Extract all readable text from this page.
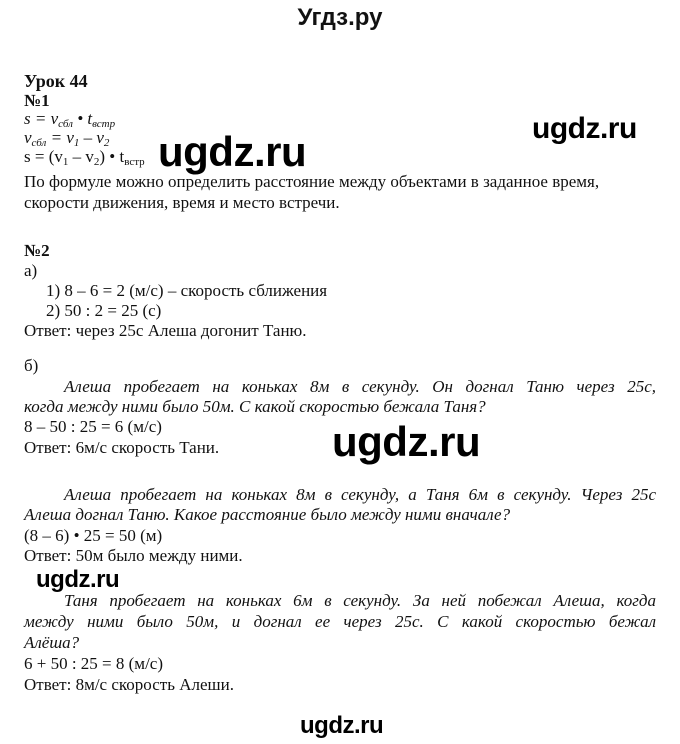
Угдз.ру
Урок 44
№1
$s = v_{сбл}$ • $t_{встр}$
$v_{сбл} = v_1 - v_2$
$s = (v_1 - v_2)$ • $t_{встр}$
По формуле можно определить расстояние между объектами в заданное время,
скорости движения, время и место встречи.
№2
а)
1) 8 – 6 = 2 (м/с) – скорость сближения
2) 50 : 2 = 25 (с)
Ответ: через 25с Алеша догонит Таню.
б)
Алеша пробегает на коньках 8м в секунду. Он догнал Таню через 25с,
когда между ними было 50м. С какой скоростью бежала Таня?
8 – 50 : 25 = 6 (м/с)
Ответ: 6м/с скорость Тани.
Алеша пробегает на коньках 8м в секунду, а Таня 6м в секунду. Через 25с
Алеша догнал Таню. Какое расстояние было между ними вначале?
(8 – 6) • 25 = 50 (м)
Ответ: 50м было между ними.
Таня пробегает на коньках 6м в секунду. За ней побежал Алеша, когда
между ними было 50м, и догнал ее через 25с. С какой скоростью бежал
Алёша?
6 + 50 : 25 = 8 (м/с)
Ответ: 8м/с скорость Алеши.
ugdz.ru	ugdz.ru
ugdz.ru
ugdz.ru
ugdz.ru
